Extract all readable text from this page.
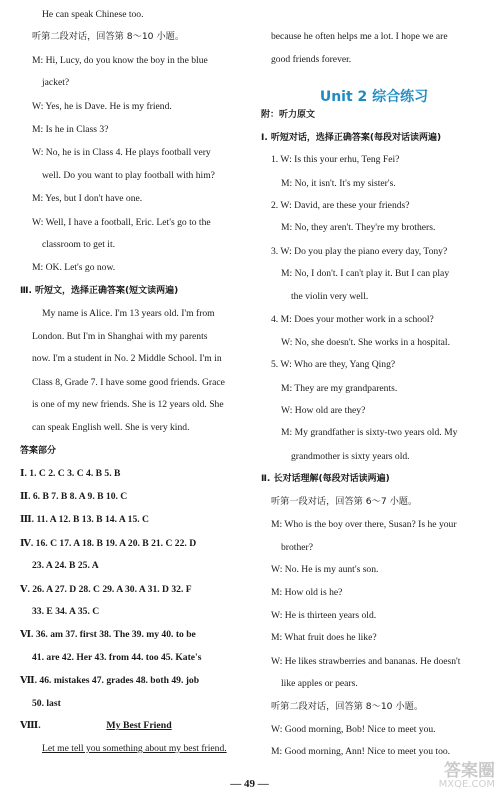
He can speak Chinese too.
听第二段对话，回答第 8～10 小题。
M: Hi, Lucy, do you know the boy in the blue
jacket?
W: Yes, he is Dave. He is my friend.
M: Is he in Class 3?
W: No, he is in Class 4. He plays football very
well. Do you want to play football with him?
M: Yes, but I don't have one.
W: Well, I have a football, Eric. Let's go to the
classroom to get it.
M: OK. Let's go now.
Ⅲ. 听短文，选择正确答案(短文读两遍)
My name is Alice. I'm 13 years old. I'm from
London. But I'm in Shanghai with my parents
now. I'm a student in No. 2 Middle School. I'm in
Class 8, Grade 7. I have some good friends. Grace
is one of my new friends. She is 12 years old. She
can speak English well. She is very kind.
答案部分
Ⅰ. 1. C 2. C 3. C 4. B 5. B
Ⅱ. 6. B 7. B 8. A 9. B 10. C
Ⅲ. 11. A 12. B 13. B 14. A 15. C
Ⅳ. 16. C 17. A 18. B 19. A 20. B 21. C 22. D
23. A 24. B 25. A
Ⅴ. 26. A 27. D 28. C 29. A 30. A 31. D 32. F
33. E 34. A 35. C
Ⅵ. 36. am 37. first 38. The 39. my 40. to be
41. are 42. Her 43. from 44. too 45. Kate's
Ⅶ. 46. mistakes 47. grades 48. both 49. job
50. last
Ⅷ.	My Best Friend
Let me tell you something about my best friend.
Unit 2 综合练习
because he often helps me a lot. I hope we are
good friends forever.
附：听力原文
Ⅰ. 听短对话，选择正确答案(每段对话读两遍)
1. W: Is this your erhu, Teng Fei?
M: No, it isn't. It's my sister's.
2. W: David, are these your friends?
M: No, they aren't. They're my brothers.
3. W: Do you play the piano every day, Tony?
M: No, I don't. I can't play it. But I can play
the violin very well.
4. M: Does your mother work in a school?
W: No, she doesn't. She works in a hospital.
5. W: Who are they, Yang Qing?
M: They are my grandparents.
W: How old are they?
M: My grandfather is sixty-two years old. My
grandmother is sixty years old.
Ⅱ. 长对话理解(每段对话读两遍)
听第一段对话，回答第 6～7 小题。
M: Who is the boy over there, Susan? Is he your
brother?
W: No. He is my aunt's son.
M: How old is he?
W: He is thirteen years old.
M: What fruit does he like?
W: He likes strawberries and bananas. He doesn't
like apples or pears.
听第二段对话，回答第 8～10 小题。
W: Good morning, Bob! Nice to meet you.
M: Good morning, Ann! Nice to meet you too.
— 49 —
答案圈
MXQE.COM
